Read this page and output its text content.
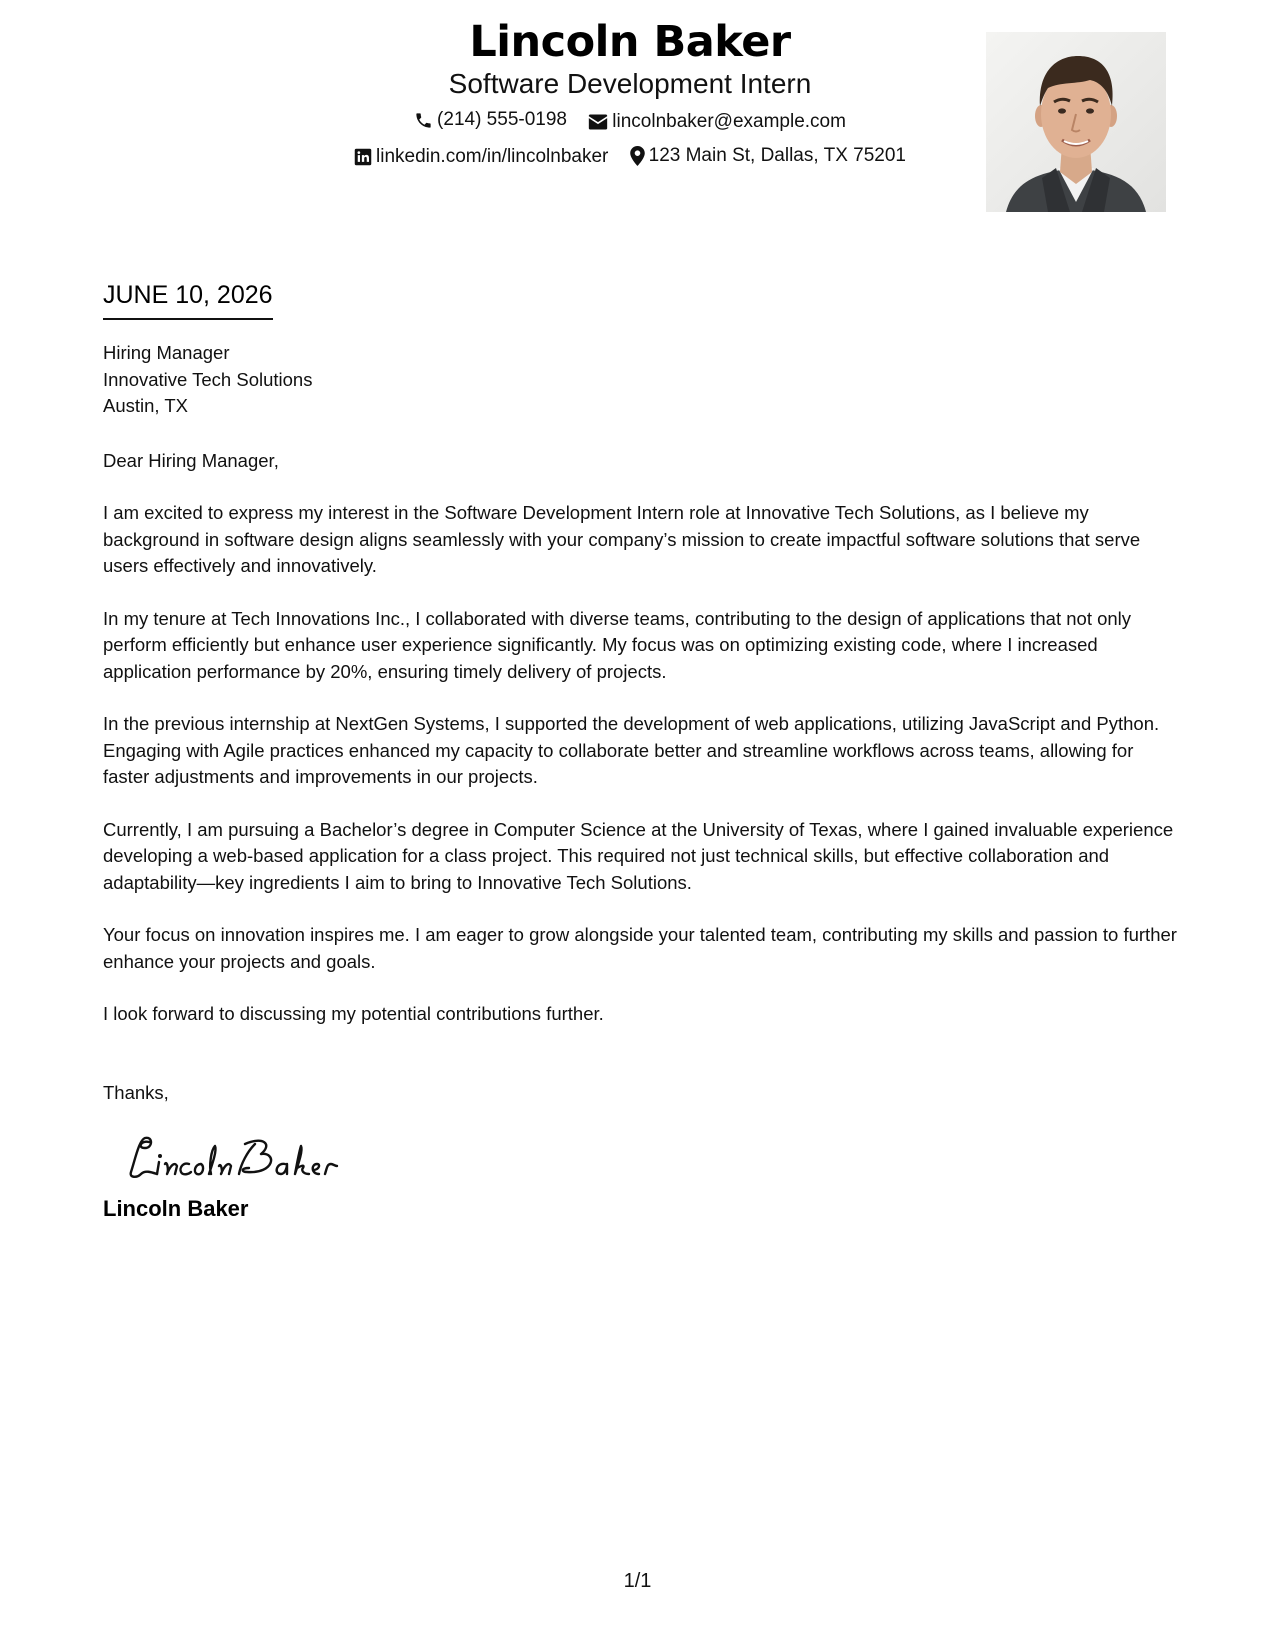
Lincoln Baker
Software Development Intern
(214) 555-0198
lincolnbaker@example.com
linkedin.com/in/lincolnbaker
123 Main St, Dallas, TX 75201
JUNE 10, 2026
Hiring Manager
Innovative Tech Solutions
Austin, TX
Dear Hiring Manager,

I am excited to express my interest in the Software Development Intern role at Innovative Tech Solutions, as I believe my background in software design aligns seamlessly with your company’s mission to create impactful software solutions that serve users effectively and innovatively.

In my tenure at Tech Innovations Inc., I collaborated with diverse teams, contributing to the design of applications that not only perform efficiently but enhance user experience significantly. My focus was on optimizing existing code, where I increased application performance by 20%, ensuring timely delivery of projects.

In the previous internship at NextGen Systems, I supported the development of web applications, utilizing JavaScript and Python. Engaging with Agile practices enhanced my capacity to collaborate better and streamline workflows across teams, allowing for faster adjustments and improvements in our projects.

Currently, I am pursuing a Bachelor’s degree in Computer Science at the University of Texas, where I gained invaluable experience developing a web-based application for a class project. This required not just technical skills, but effective collaboration and adaptability—key ingredients I aim to bring to Innovative Tech Solutions.

Your focus on innovation inspires me. I am eager to grow alongside your talented team, contributing my skills and passion to further enhance your projects and goals.

I look forward to discussing my potential contributions further.

Thanks,
Lincoln Baker
1/1
